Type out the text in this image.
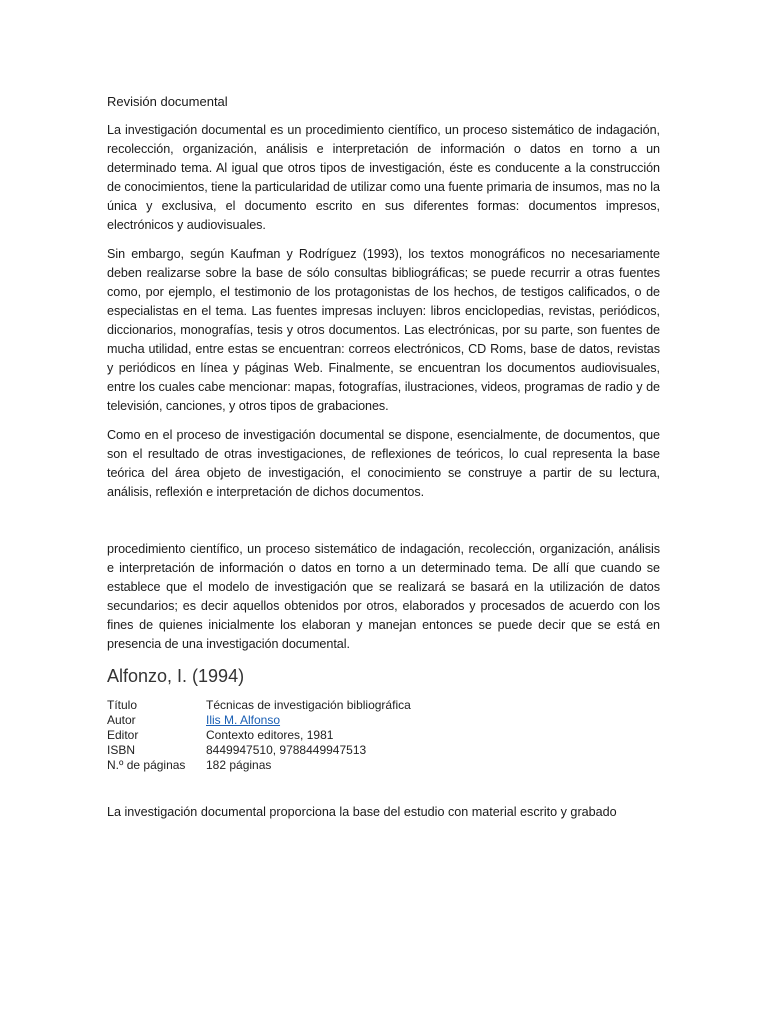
Revisión documental

La investigación documental es un procedimiento científico, un proceso sistemático de indagación, recolección, organización, análisis e interpretación de información o datos en torno a un determinado tema. Al igual que otros tipos de investigación, éste es conducente a la construcción de conocimientos, tiene la particularidad de utilizar como una fuente primaria de insumos, mas no la única y exclusiva, el documento escrito en sus diferentes formas: documentos impresos, electrónicos y audiovisuales.

Sin embargo, según Kaufman y Rodríguez (1993), los textos monográficos no necesariamente deben realizarse sobre la base de sólo consultas bibliográficas; se puede recurrir a otras fuentes como, por ejemplo, el testimonio de los protagonistas de los hechos, de testigos calificados, o de especialistas en el tema. Las fuentes impresas incluyen: libros enciclopedias, revistas, periódicos, diccionarios, monografías, tesis y otros documentos. Las electrónicas, por su parte, son fuentes de mucha utilidad, entre estas se encuentran: correos electrónicos, CD Roms, base de datos, revistas y periódicos en línea y páginas Web. Finalmente, se encuentran los documentos audiovisuales, entre los cuales cabe mencionar: mapas, fotografías, ilustraciones, videos, programas de radio y de televisión, canciones, y otros tipos de grabaciones.

Como en el proceso de investigación documental se dispone, esencialmente, de documentos, que son el resultado de otras investigaciones, de reflexiones de teóricos, lo cual representa la base teórica del área objeto de investigación, el conocimiento se construye a partir de su lectura, análisis, reflexión e interpretación de dichos documentos.

procedimiento científico, un proceso sistemático de indagación, recolección, organización, análisis e interpretación de información o datos en torno a un determinado tema. De allí que cuando se establece que el modelo de investigación que se realizará se basará en la utilización de datos secundarios; es decir aquellos obtenidos por otros, elaborados y procesados de acuerdo con los fines de quienes inicialmente los elaboran y manejan entonces se puede decir que se está en presencia de una investigación documental.

Alfonzo, I. (1994)
Título	Técnicas de investigación bibliográfica
Autor	Ilis M. Alfonso
Editor	Contexto editores, 1981
ISBN	8449947510, 9788449947513
N.º de páginas	182 páginas

La investigación documental proporciona la base del estudio con material escrito y grabado
